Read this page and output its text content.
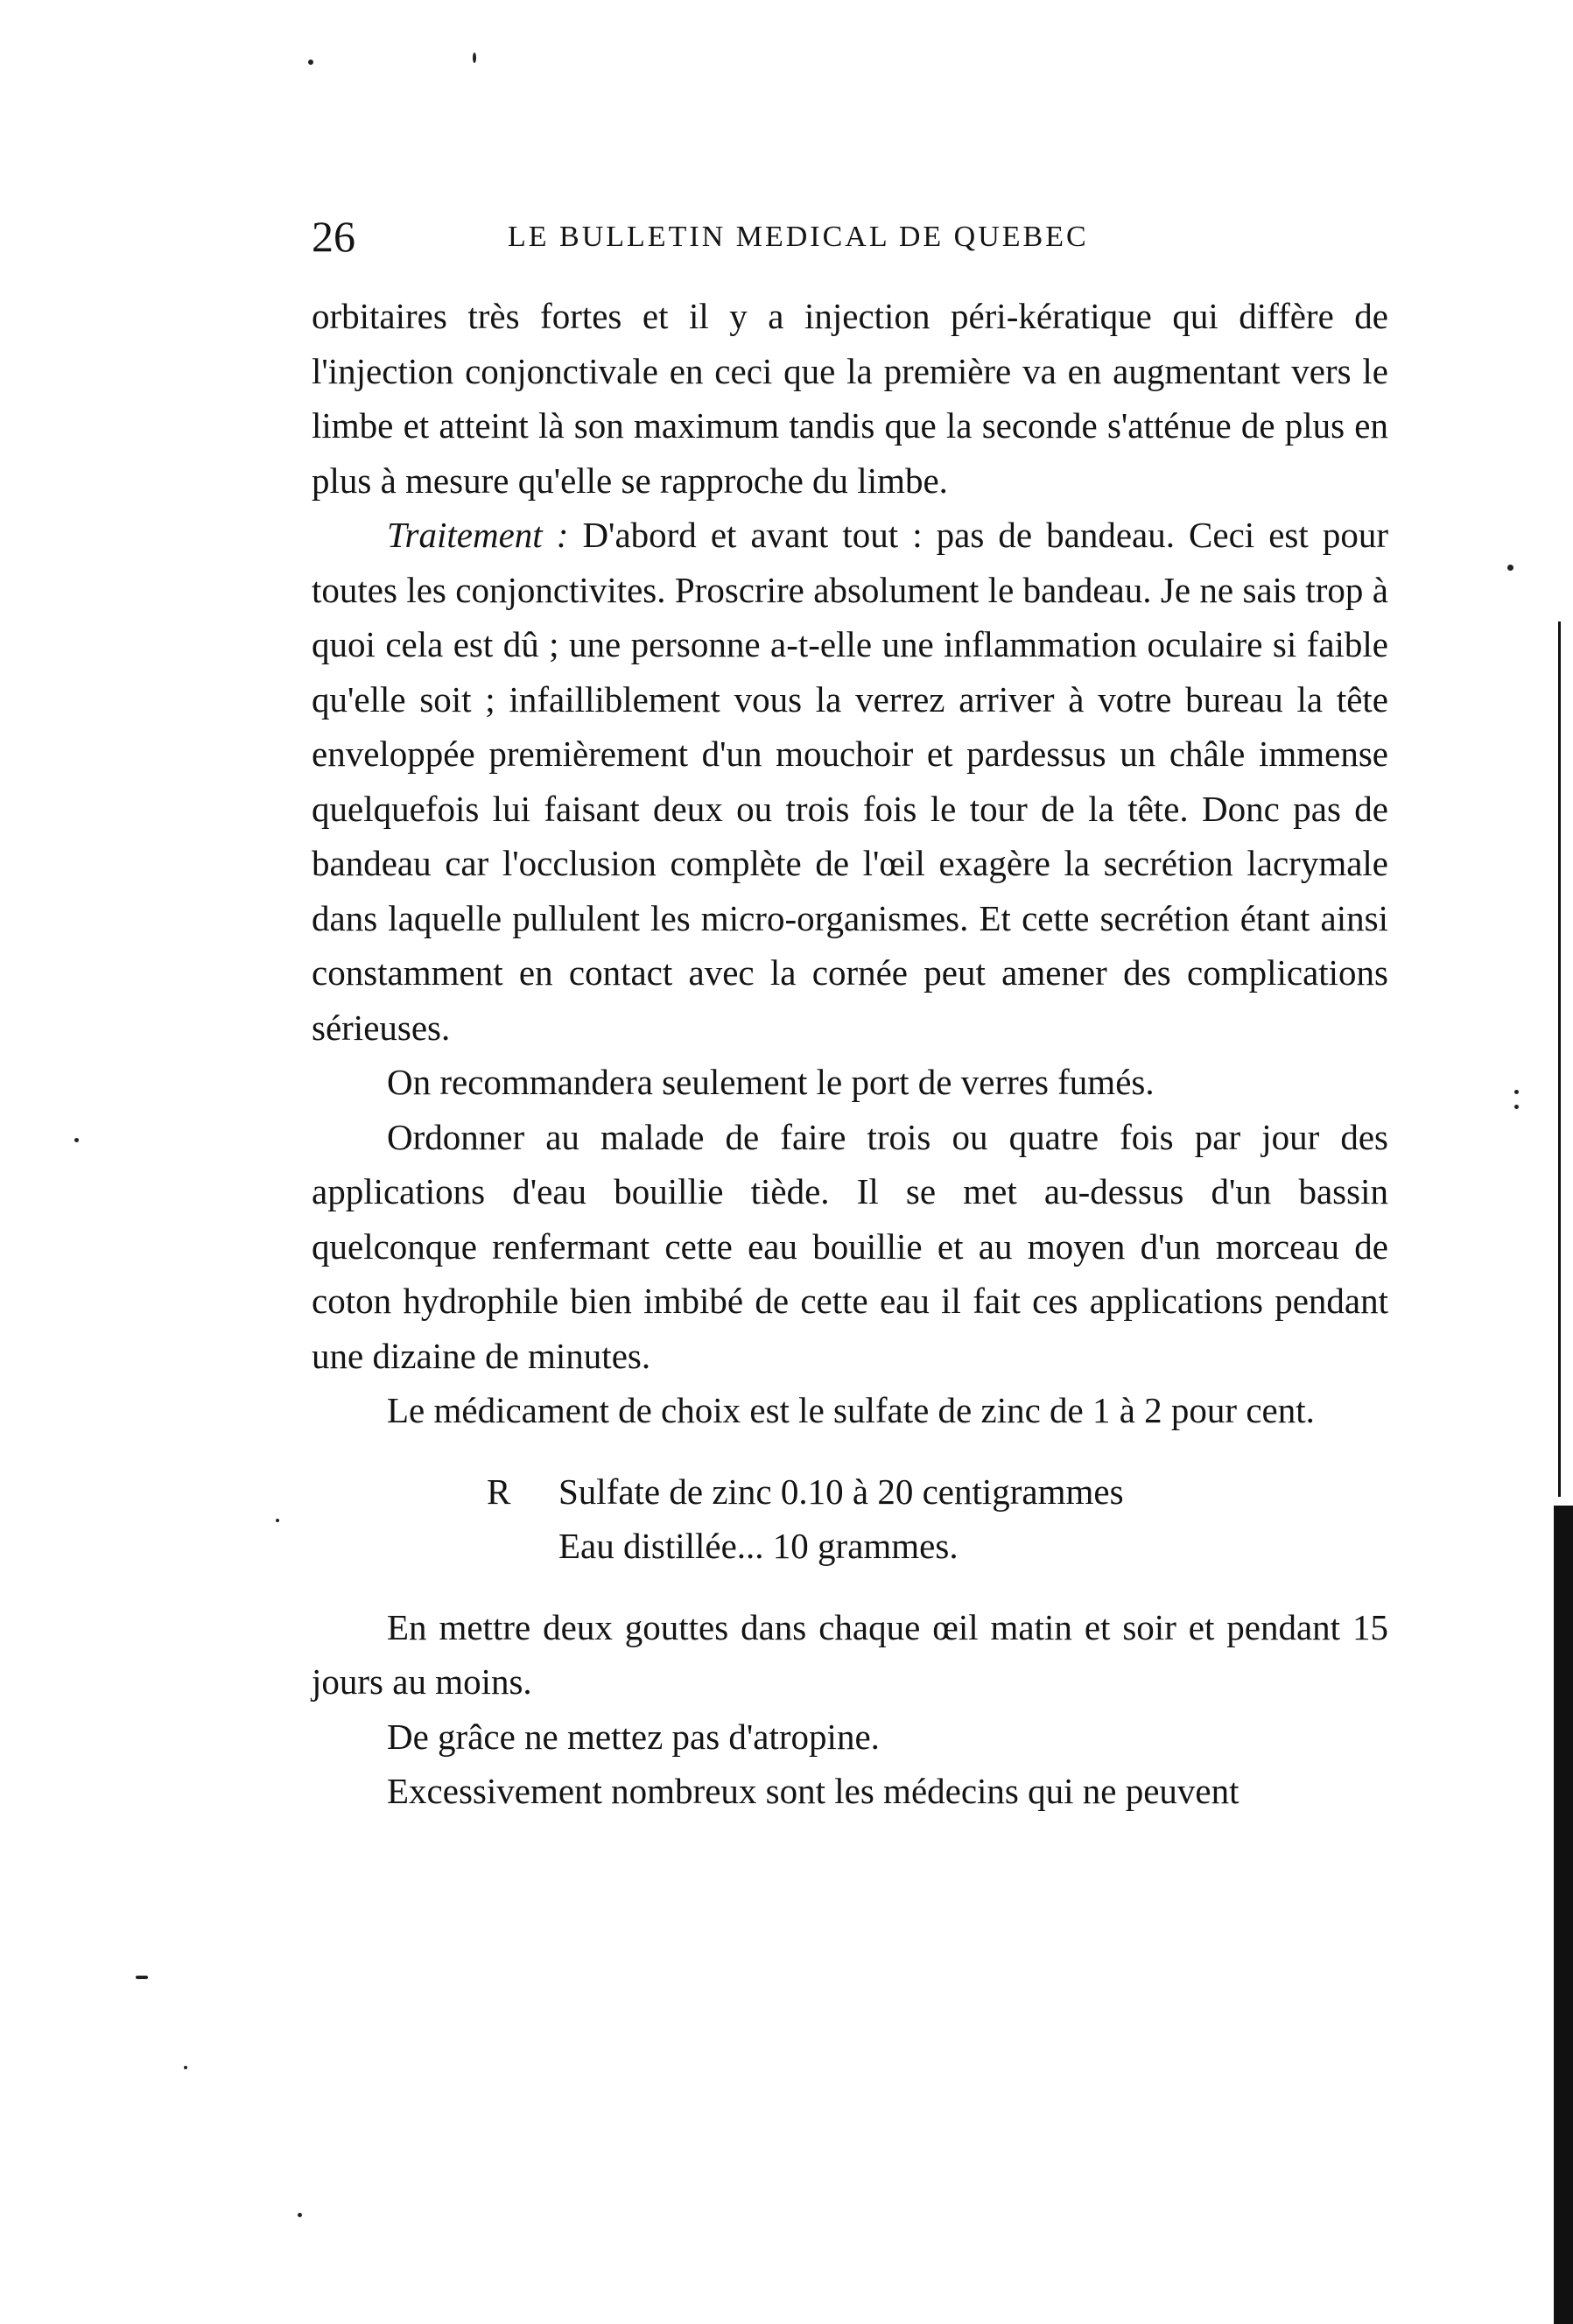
26	LE BULLETIN MEDICAL DE QUEBEC

orbitaires très fortes et il y a injection péri-kératique qui diffère de l'injection conjonctivale en ceci que la première va en augmentant vers le limbe et atteint là son maximum tandis que la seconde s'atténue de plus en plus à mesure qu'elle se rapproche du limbe.

Traitement : D'abord et avant tout : pas de bandeau. Ceci est pour toutes les conjonctivites. Proscrire absolument le bandeau. Je ne sais trop à quoi cela est dû ; une personne a-t-elle une inflammation oculaire si faible qu'elle soit ; infailliblement vous la verrez arriver à votre bureau la tête enveloppée premièrement d'un mouchoir et pardessus un châle immense quelquefois lui faisant deux ou trois fois le tour de la tête. Donc pas de bandeau car l'occlusion complète de l'œil exagère la secrétion lacrymale dans laquelle pullulent les micro-organismes. Et cette secrétion étant ainsi constamment en contact avec la cornée peut amener des complications sérieuses.

On recommandera seulement le port de verres fumés.

Ordonner au malade de faire trois ou quatre fois par jour des applications d'eau bouillie tiède. Il se met au-dessus d'un bassin quelconque renfermant cette eau bouillie et au moyen d'un morceau de coton hydrophile bien imbibé de cette eau il fait ces applications pendant une dizaine de minutes.

Le médicament de choix est le sulfate de zinc de 1 à 2 pour cent.

R	Sulfate de zinc 0.10 à 20 centigrammes
Eau distillée... 10 grammes.

En mettre deux gouttes dans chaque œil matin et soir et pendant 15 jours au moins.

De grâce ne mettez pas d'atropine.

Excessivement nombreux sont les médecins qui ne peuvent
